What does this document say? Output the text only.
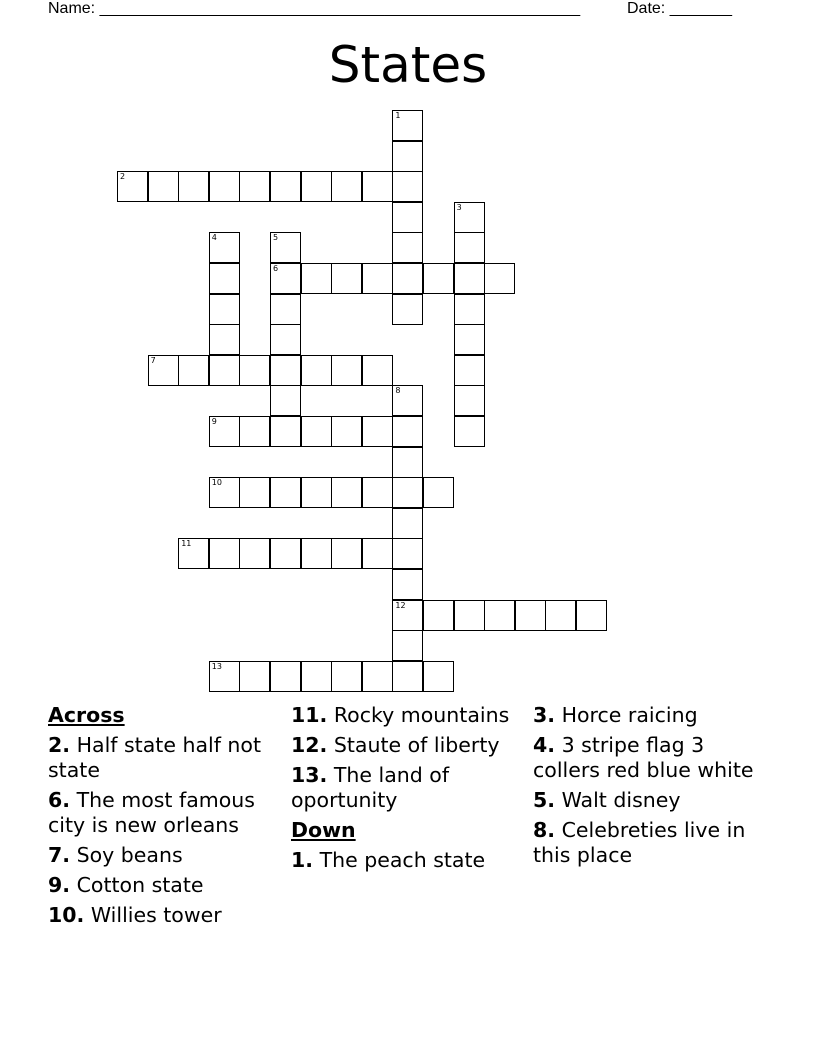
Name: ______________________________________________________	Date: _______
States
1
2
3
4	5
6
7
8
12
9
10
11
13

Across

2. Half state half not state

6. The most famous city is new orleans

7. Soy beans

9. Cotton state

10. Willies tower

11. Rocky mountains

12. Staute of liberty

13. The land of oportunity

Down

1. The peach state

3. Horce raicing

4. 3 stripe flag 3 collers red blue white

5. Walt disney

8. Celebreties live in this place
